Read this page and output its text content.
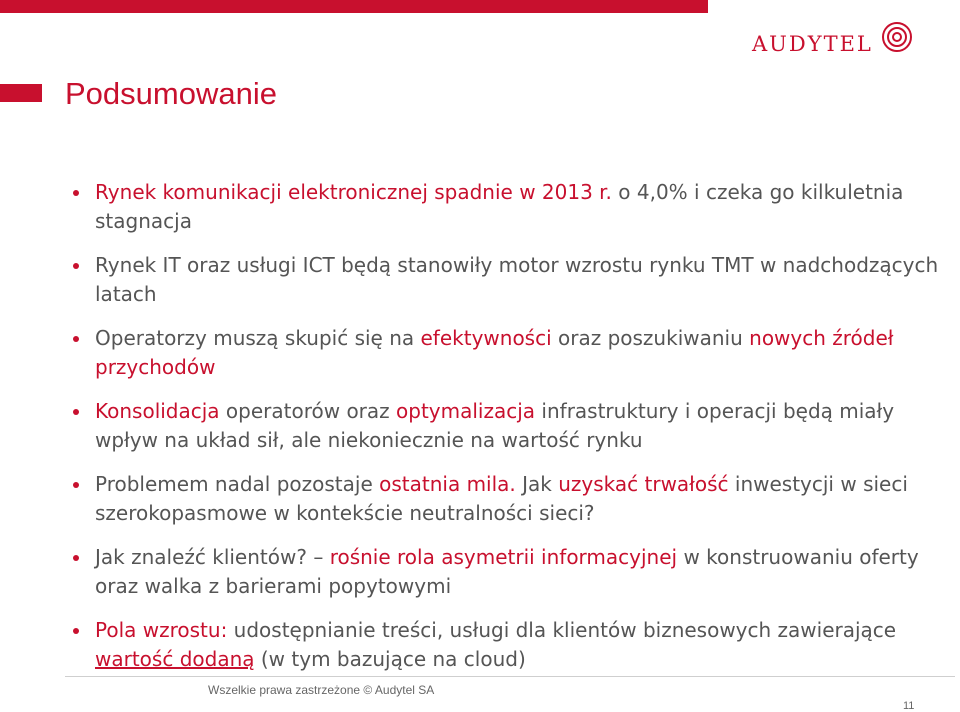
AUDYTEL
Podsumowanie
Rynek komunikacji elektronicznej spadnie w 2013 r. o 4,0% i czeka go kilkuletnia stagnacja
Rynek IT oraz usługi ICT będą stanowiły motor wzrostu rynku TMT w nadchodzących latach
Operatorzy muszą skupić się na efektywności oraz poszukiwaniu nowych źródeł przychodów
Konsolidacja operatorów oraz optymalizacja infrastruktury i operacji będą miały wpływ na układ sił, ale niekoniecznie na wartość rynku
Problemem nadal pozostaje ostatnia mila. Jak uzyskać trwałość inwestycji w sieci szerokopasmowe w kontekście neutralności sieci?
Jak znaleźć klientów? – rośnie rola asymetrii informacyjnej w konstruowaniu oferty oraz walka z barierami popytowymi
Pola wzrostu: udostępnianie treści, usługi dla klientów biznesowych zawierające wartość dodaną (w tym bazujące na cloud)
Wszelkie prawa zastrzeżone © Audytel SA
11
